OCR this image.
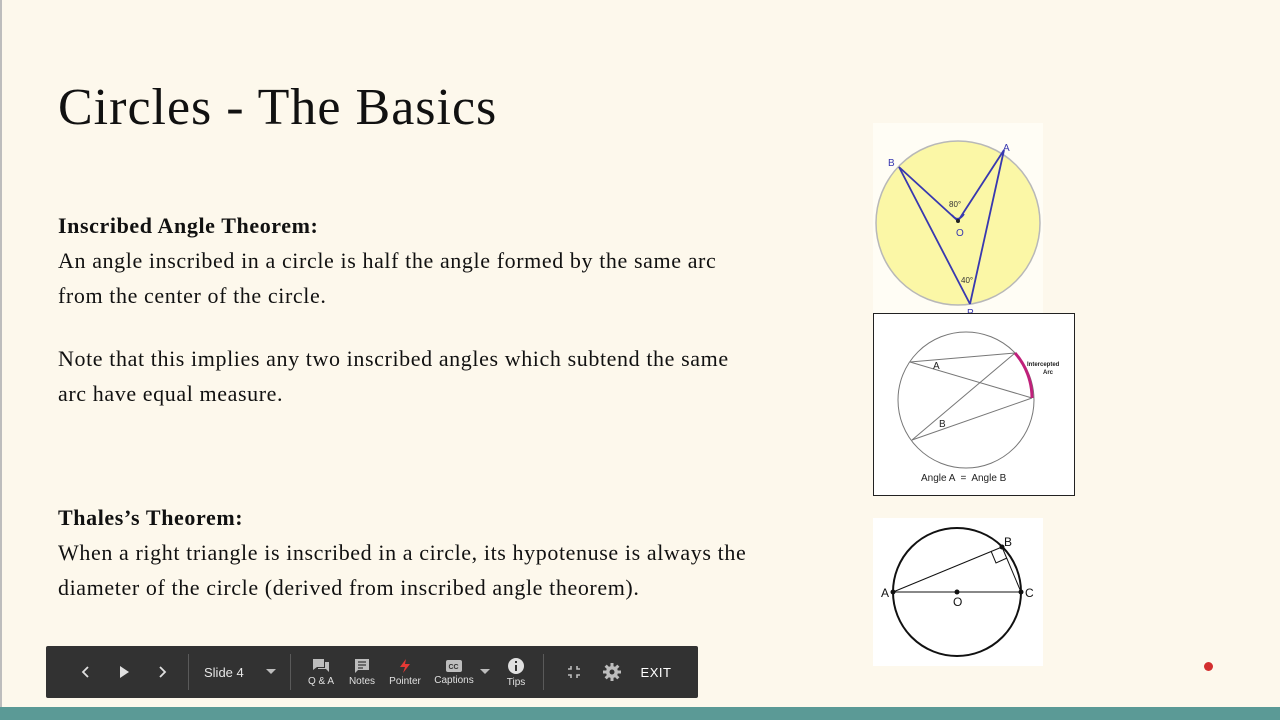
Circles - The Basics
Inscribed Angle Theorem:
An angle inscribed in a circle is half the angle formed by the same arc
from the center of the circle.
Note that this implies any two inscribed angles which subtend the same
arc have equal measure.
Thales’s Theorem:
When a right triangle is inscribed in a circle, its hypotenuse is always the
diameter of the circle (derived from inscribed angle theorem).
B
A
O
80°
40°
A
B
Intercepted
Arc
Angle A  =  Angle B
A
B
C
O
Slide 4
Q & A Notes Pointer
CC
Captions	Tips
EXIT
